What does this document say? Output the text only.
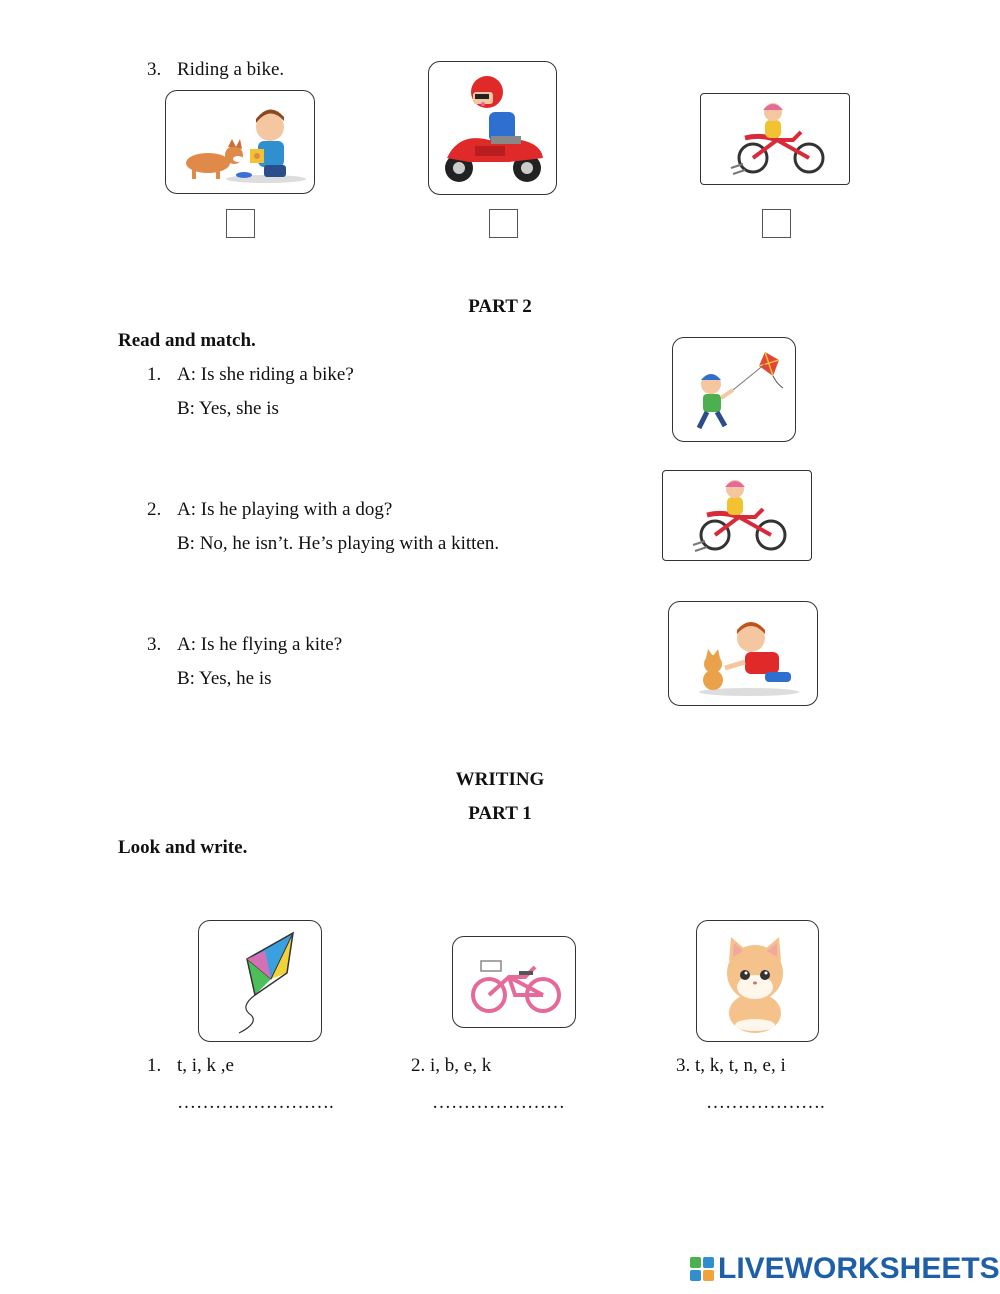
3. Riding a bike.
PART 2
Read and match.
1. A: Is she riding a bike?
B: Yes, she is
2. A: Is he playing with a dog?
B: No, he isn’t. He’s playing with a kitten.
3. A: Is he flying a kite?
B: Yes, he is
WRITING
PART 1
Look and write.
1. t, i, k ,e
…………………….
2. i, b, e, k
…………………
3. t, k, t, n, e, i
……………….
LIVEWORKSHEETS
